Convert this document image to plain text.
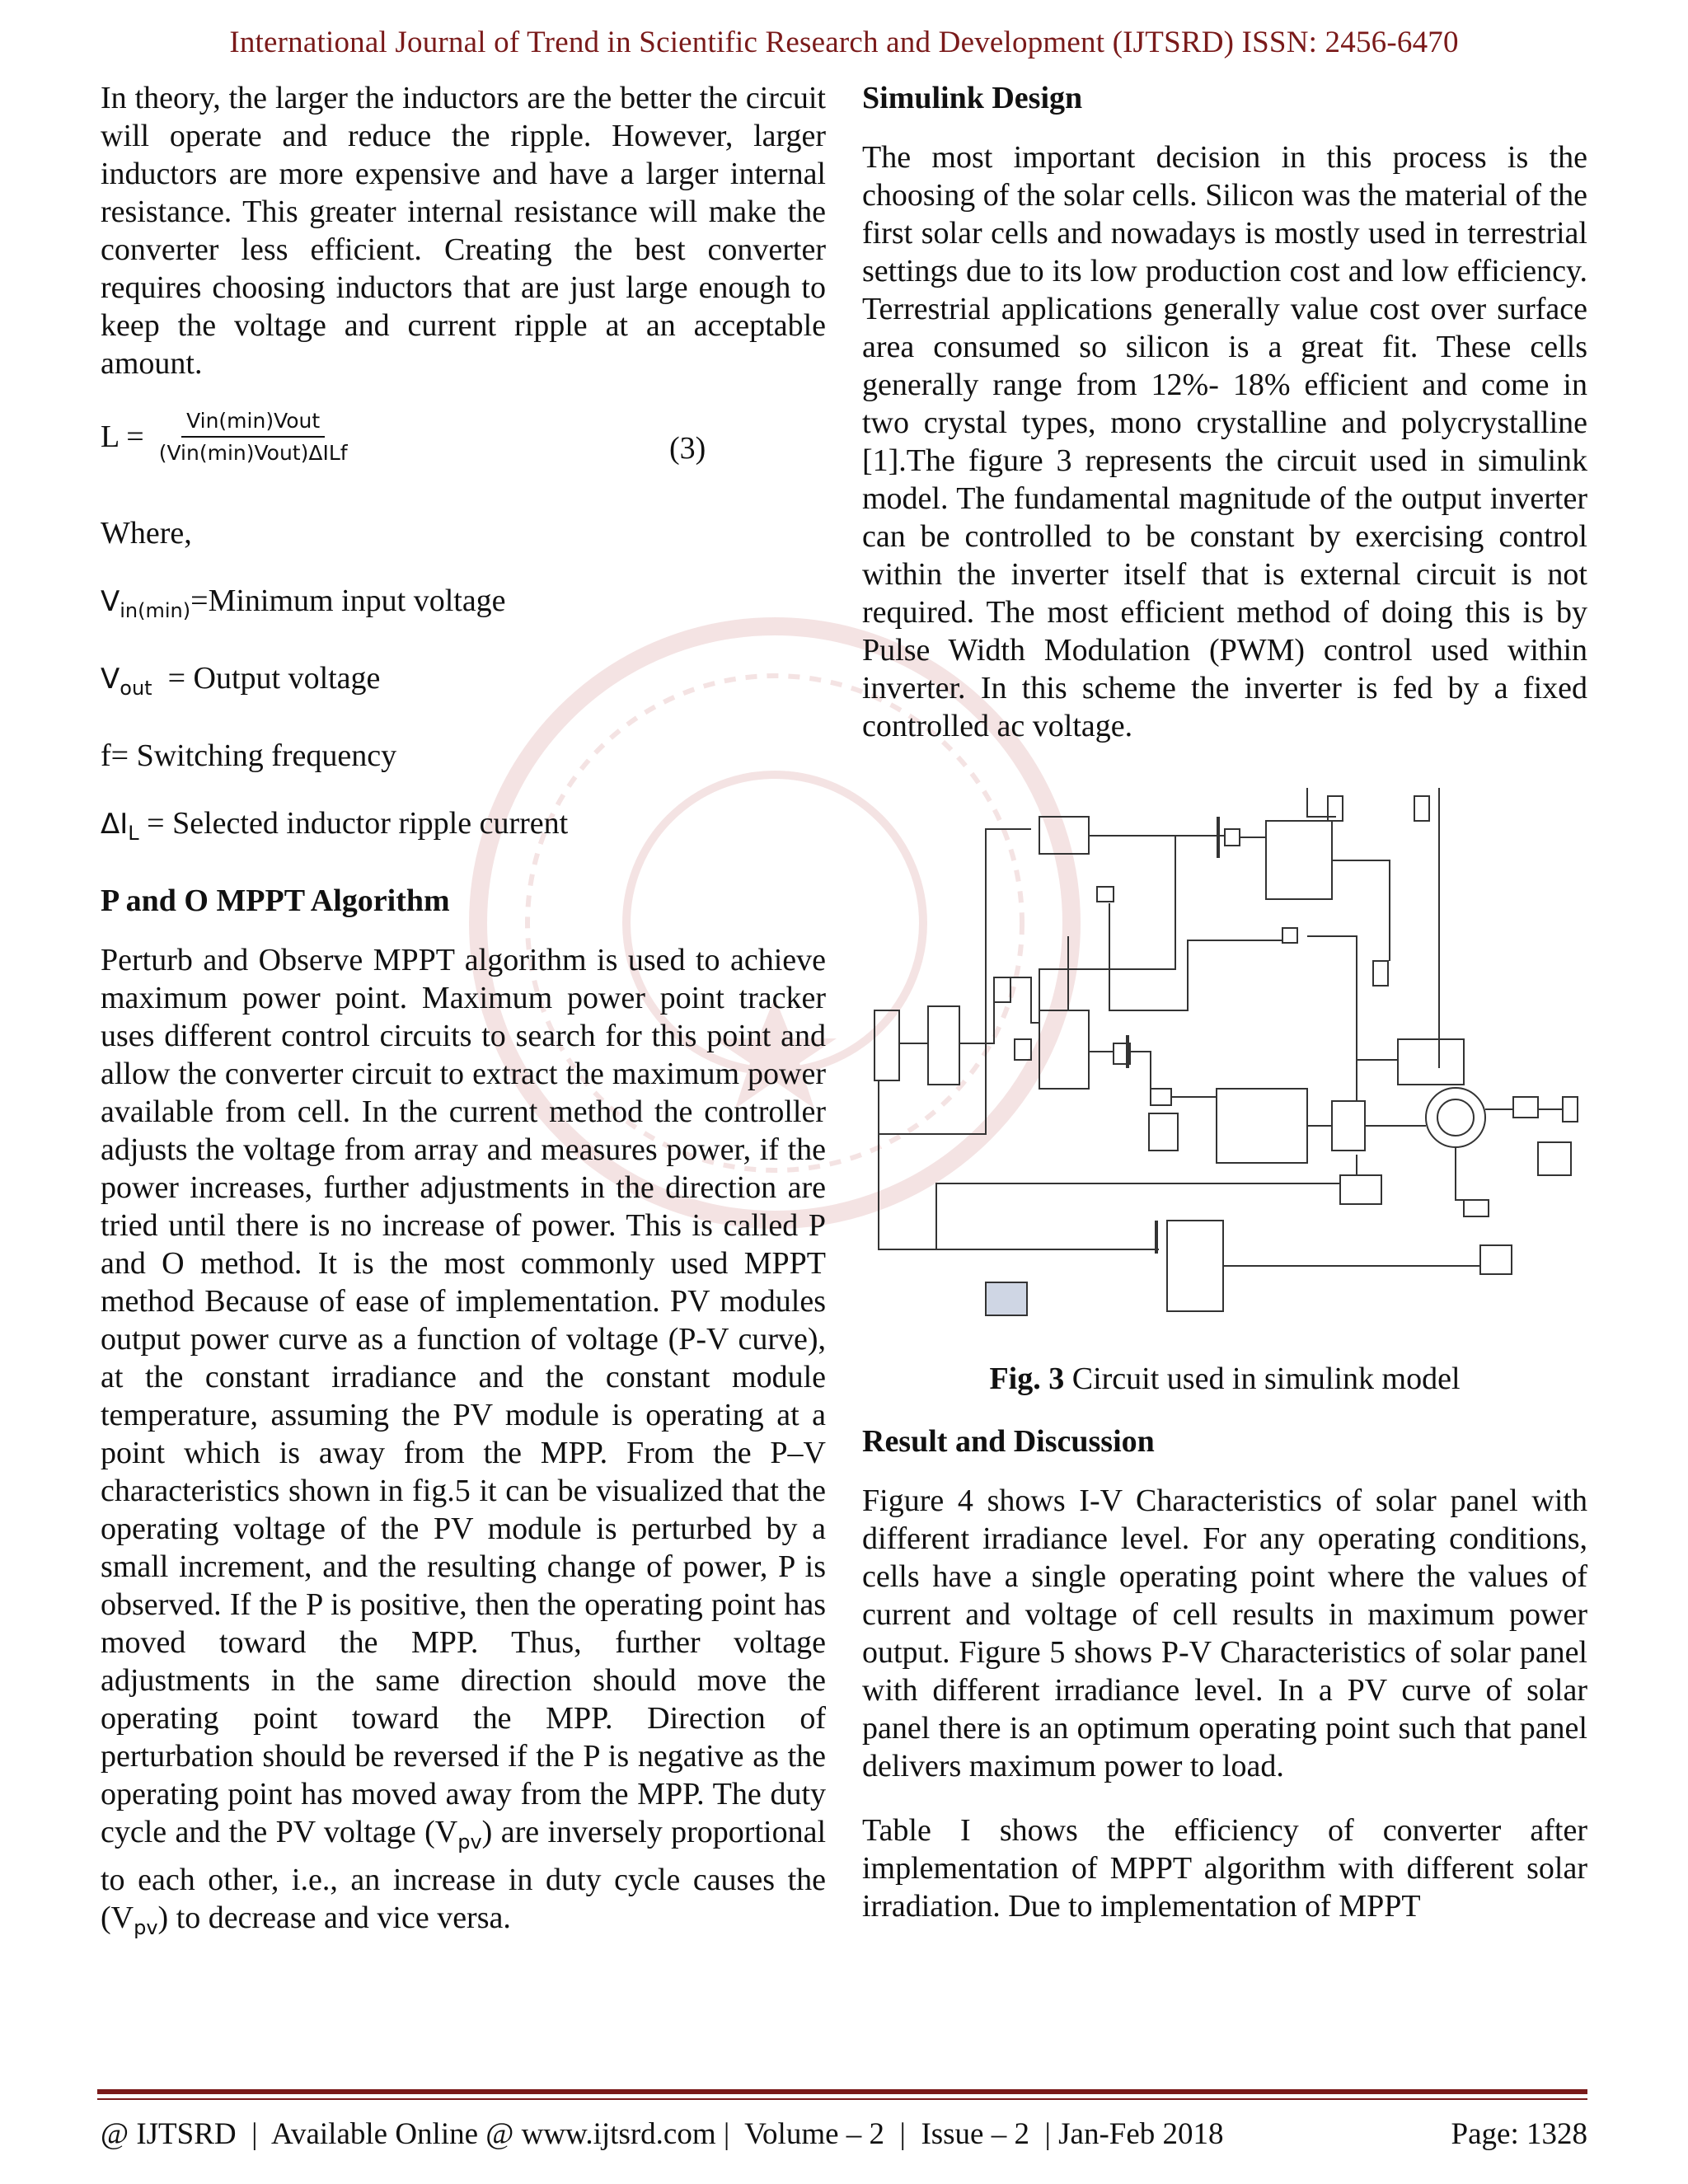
International Journal of Trend in Scientific Research and Development (IJTSRD) ISSN: 2456-6470

In theory, the larger the inductors are the better the circuit will operate and reduce the ripple. However, larger inductors are more expensive and have a larger internal resistance. This greater internal resistance will make the converter less efficient. Creating the best converter requires choosing inductors that are just large enough to keep the voltage and current ripple at an acceptable amount.

$L = \frac{\text{Vin(min)Vout}}{\text{(Vin(min)Vout)ΔILf}}$	(3)
Where,
$V_{in(min)}=Minimum$ input voltage
$V_{out}$  = Output voltage
f= Switching frequency
$\Delta I_L$ = Selected inductor ripple current
P and O MPPT Algorithm

Perturb and Observe MPPT algorithm is used to achieve maximum power point. Maximum power point tracker uses different control circuits to search for this point and allow the converter circuit to extract the maximum power available from cell. In the current method the controller adjusts the voltage from array and measures power, if the power increases, further adjustments in the direction are tried until there is no increase of power. This is called P and O method. It is the most commonly used MPPT method Because of ease of implementation. PV modules output power curve as a function of voltage (P-V curve), at the constant irradiance and the constant module temperature, assuming the PV module is operating at a point which is away from the MPP. From the P–V characteristics shown in fig.5 it can be visualized that the operating voltage of the PV module is perturbed by a small increment, and the resulting change of power, P is observed. If the P is positive, then the operating point has moved toward the MPP. Thus, further voltage adjustments in the same direction should move the operating point toward the MPP. Direction of perturbation should be reversed if the P is negative as the operating point has moved away from the MPP. The duty cycle and the PV voltage $(V_{pv})$ are inversely proportional to each other, i.e., an increase in duty cycle causes the $(V_{pv})$ to decrease and vice versa.

Simulink Design

The most important decision in this process is the choosing of the solar cells. Silicon was the material of the first solar cells and nowadays is mostly used in terrestrial settings due to its low production cost and low efficiency. Terrestrial applications generally value cost over surface area consumed so silicon is a great fit. These cells generally range from 12%- 18% efficient and come in two crystal types, mono crystalline and polycrystalline [1].The figure 3 represents the circuit used in simulink model. The fundamental magnitude of the output inverter can be controlled to be constant by exercising control within the inverter itself that is external circuit is not required. The most efficient method of doing this is by Pulse Width Modulation (PWM) control used within inverter. In this scheme the inverter is fed by a fixed controlled ac voltage.

Fig. 3 Circuit used in simulink model
Result and Discussion

Figure 4 shows I-V Characteristics of solar panel with different irradiance level. For any operating conditions, cells have a single operating point where the values of current and voltage of cell results in maximum power output. Figure 5 shows P-V Characteristics of solar panel with different irradiance level. In a PV curve of solar panel there is an optimum operating point such that panel delivers maximum power to load.

Table I shows the efficiency of converter after implementation of MPPT algorithm with different solar irradiation. Due to implementation of MPPT

@ IJTSRD  |  Available Online @ www.ijtsrd.com |  Volume – 2  |  Issue – 2  | Jan-Feb 2018	Page: 1328
